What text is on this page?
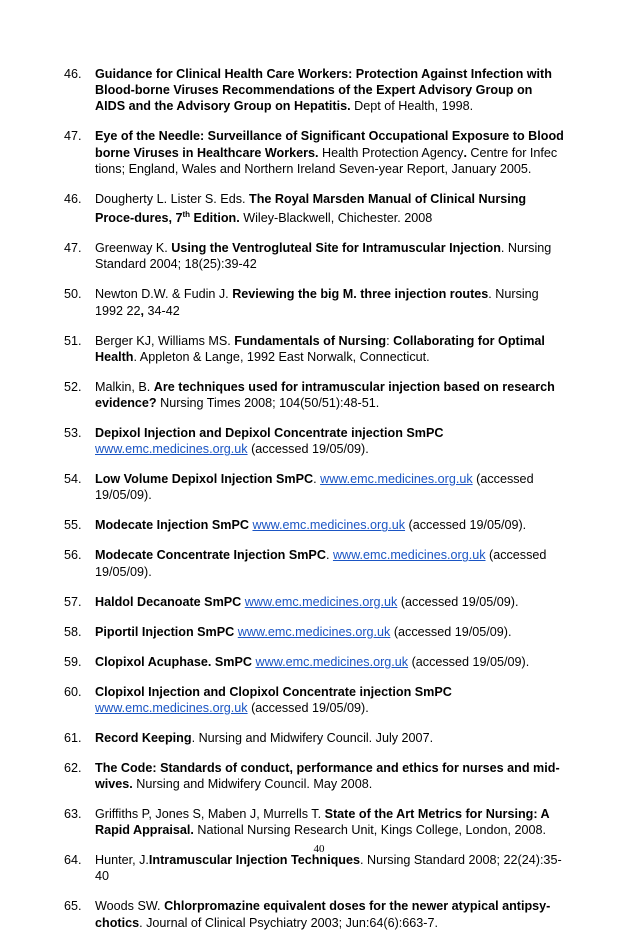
46.	Guidance for Clinical Health Care Workers: Protection Against Infection with Blood-borne Viruses Recommendations of the Expert Advisory Group on AIDS and the Advisory Group on Hepatitis. Dept of Health, 1998.
47.	Eye of the Needle: Surveillance of Significant Occupational Exposure to Blood borne Viruses in Healthcare Workers. Health Protection Agency. Centre for Infec tions; England, Wales and Northern Ireland Seven-year Report, January 2005.
46.	Dougherty L. Lister S. Eds. The Royal Marsden Manual of Clinical Nursing Proce-dures, 7th Edition. Wiley-Blackwell, Chichester. 2008
47.	Greenway K. Using the Ventrogluteal Site for Intramuscular Injection. Nursing Standard 2004; 18(25):39-42
50.	Newton D.W. & Fudin J. Reviewing the big M. three injection routes. Nursing 1992 22, 34-42
51.	Berger KJ, Williams MS. Fundamentals of Nursing: Collaborating for Optimal Health. Appleton & Lange, 1992 East Norwalk, Connecticut.
52.	Malkin, B. Are techniques used for intramuscular injection based on research evidence? Nursing Times 2008; 104(50/51):48-51.
53.	Depixol Injection and Depixol Concentrate injection SmPC www.emc.medicines.org.uk (accessed 19/05/09).
54.	Low Volume Depixol Injection SmPC. www.emc.medicines.org.uk (accessed 19/05/09).
55.	Modecate Injection SmPC www.emc.medicines.org.uk (accessed 19/05/09).
56.	Modecate Concentrate Injection SmPC. www.emc.medicines.org.uk (accessed 19/05/09).
57.	Haldol Decanoate SmPC www.emc.medicines.org.uk (accessed 19/05/09).
58.	Piportil Injection SmPC www.emc.medicines.org.uk (accessed 19/05/09).
59.	Clopixol Acuphase. SmPC www.emc.medicines.org.uk (accessed 19/05/09).
60.	Clopixol Injection and Clopixol Concentrate injection SmPC www.emc.medicines.org.uk (accessed 19/05/09).
61.	Record Keeping. Nursing and Midwifery Council. July 2007.
62.	The Code: Standards of conduct, performance and ethics for nurses and mid-wives. Nursing and Midwifery Council. May 2008.
63.	Griffiths P, Jones S, Maben J, Murrells T. State of the Art Metrics for Nursing: A Rapid Appraisal. National Nursing Research Unit, Kings College, London, 2008.
64.	Hunter, J.Intramuscular Injection Techniques. Nursing Standard 2008; 22(24):35-40
65.	Woods SW. Chlorpromazine equivalent doses for the newer atypical antipsy-chotics. Journal of Clinical Psychiatry 2003; Jun:64(6):663-7.
40
